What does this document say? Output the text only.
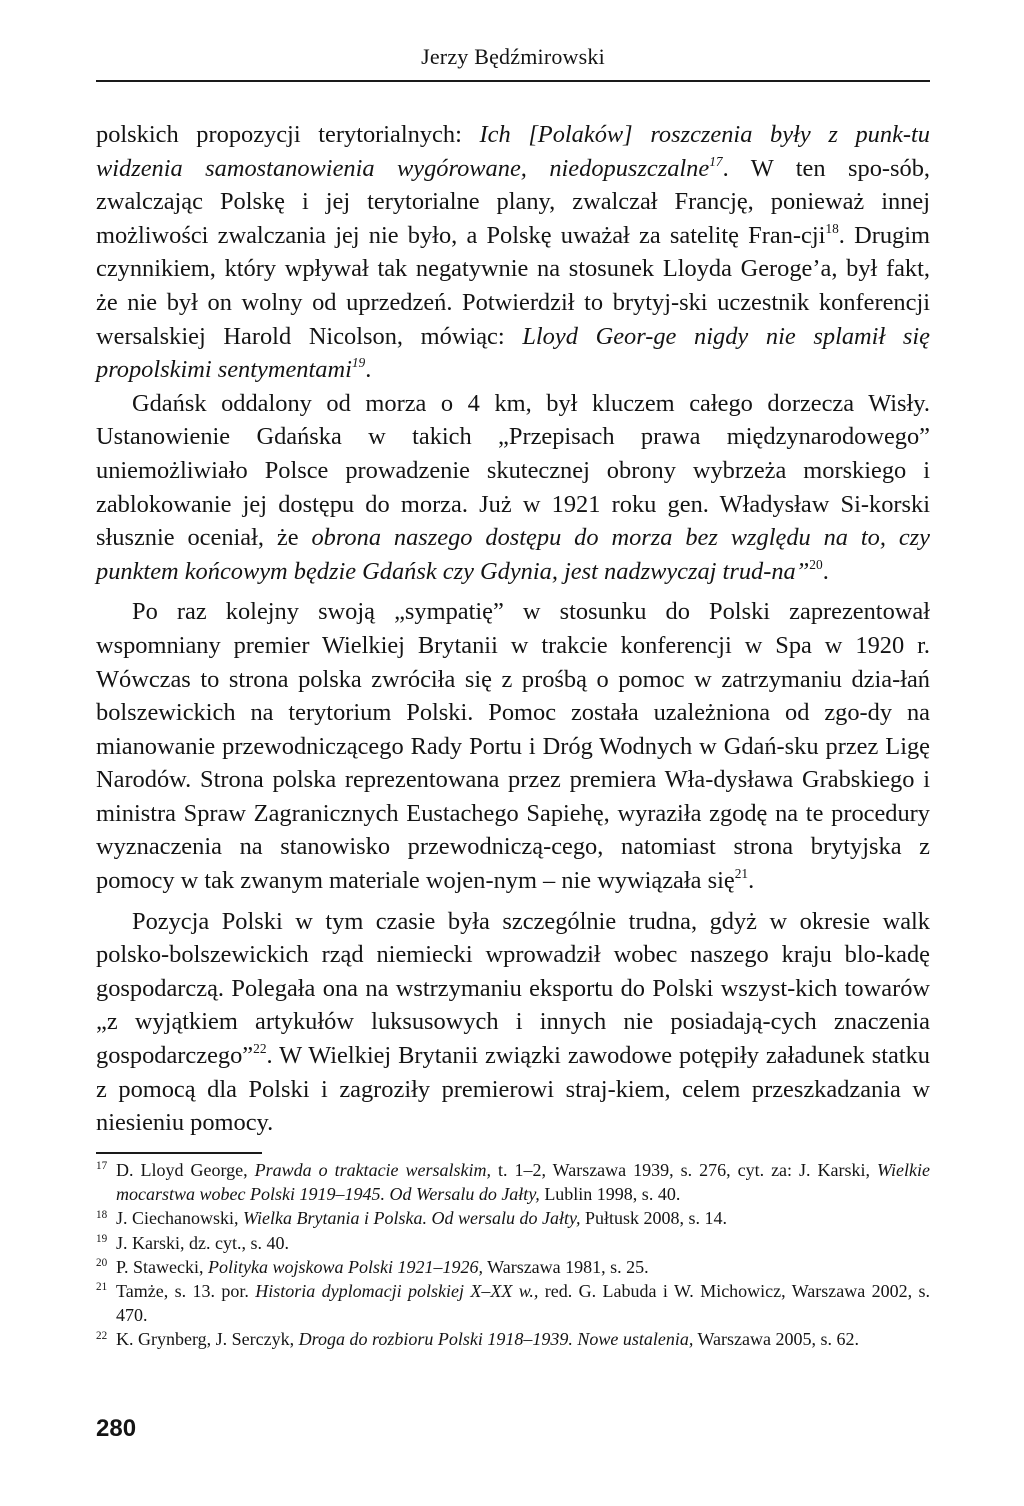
Jerzy Będźmirowski

polskich propozycji terytorialnych: Ich [Polaków] roszczenia były z punk-tu widzenia samostanowienia wygórowane, niedopuszczalne$^{17}$. W ten spo-sób, zwalczając Polskę i jej terytorialne plany, zwalczał Francję, ponieważ innej możliwości zwalczania jej nie było, a Polskę uważał za satelitę Fran-cji$^{18}$. Drugim czynnikiem, który wpływał tak negatywnie na stosunek Lloyda Geroge’a, był fakt, że nie był on wolny od uprzedzeń. Potwierdził to brytyj-ski uczestnik konferencji wersalskiej Harold Nicolson, mówiąc: Lloyd Geor-ge nigdy nie splamił się propolskimi sentymentami$^{19}$.

Gdańsk oddalony od morza o 4 km, był kluczem całego dorzecza Wisły. Ustanowienie Gdańska w takich „Przepisach prawa międzynarodowego” uniemożliwiało Polsce prowadzenie skutecznej obrony wybrzeża morskiego i zablokowanie jej dostępu do morza. Już w 1921 roku gen. Władysław Si-korski słusznie oceniał, że obrona naszego dostępu do morza bez względu na to, czy punktem końcowym będzie Gdańsk czy Gdynia, jest nadzwyczaj trud-na”$^{20}$.

Po raz kolejny swoją „sympatię” w stosunku do Polski zaprezentował wspomniany premier Wielkiej Brytanii w trakcie konferencji w Spa w 1920 r. Wówczas to strona polska zwróciła się z prośbą o pomoc w zatrzymaniu dzia-łań bolszewickich na terytorium Polski. Pomoc została uzależniona od zgo-dy na mianowanie przewodniczącego Rady Portu i Dróg Wodnych w Gdań-sku przez Ligę Narodów. Strona polska reprezentowana przez premiera Wła-dysława Grabskiego i ministra Spraw Zagranicznych Eustachego Sapiehę, wyraziła zgodę na te procedury wyznaczenia na stanowisko przewodniczą-cego, natomiast strona brytyjska z pomocy w tak zwanym materiale wojen-nym – nie wywiązała się$^{21}$.

Pozycja Polski w tym czasie była szczególnie trudna, gdyż w okresie walk polsko-bolszewickich rząd niemiecki wprowadził wobec naszego kraju blo-kadę gospodarczą. Polegała ona na wstrzymaniu eksportu do Polski wszyst-kich towarów „z wyjątkiem artykułów luksusowych i innych nie posiadają-cych znaczenia gospodarczego”$^{22}$. W Wielkiej Brytanii związki zawodowe potępiły załadunek statku z pomocą dla Polski i zagroziły premierowi straj-kiem, celem przeszkadzania w niesieniu pomocy.

17 D. Lloyd George, Prawda o traktacie wersalskim, t. 1–2, Warszawa 1939, s. 276, cyt. za: J. Karski, Wielkie mocarstwa wobec Polski 1919–1945. Od Wersalu do Jałty, Lublin 1998, s. 40.

18 J. Ciechanowski, Wielka Brytania i Polska. Od wersalu do Jałty, Pułtusk 2008, s. 14.

19 J. Karski, dz. cyt., s. 40.

20 P. Stawecki, Polityka wojskowa Polski 1921–1926, Warszawa 1981, s. 25.

21 Tamże, s. 13. por. Historia dyplomacji polskiej X–XX w., red. G. Labuda i W. Michowicz, Warszawa 2002, s. 470.

22 K. Grynberg, J. Serczyk, Droga do rozbioru Polski 1918–1939. Nowe ustalenia, Warszawa 2005, s. 62.

280
